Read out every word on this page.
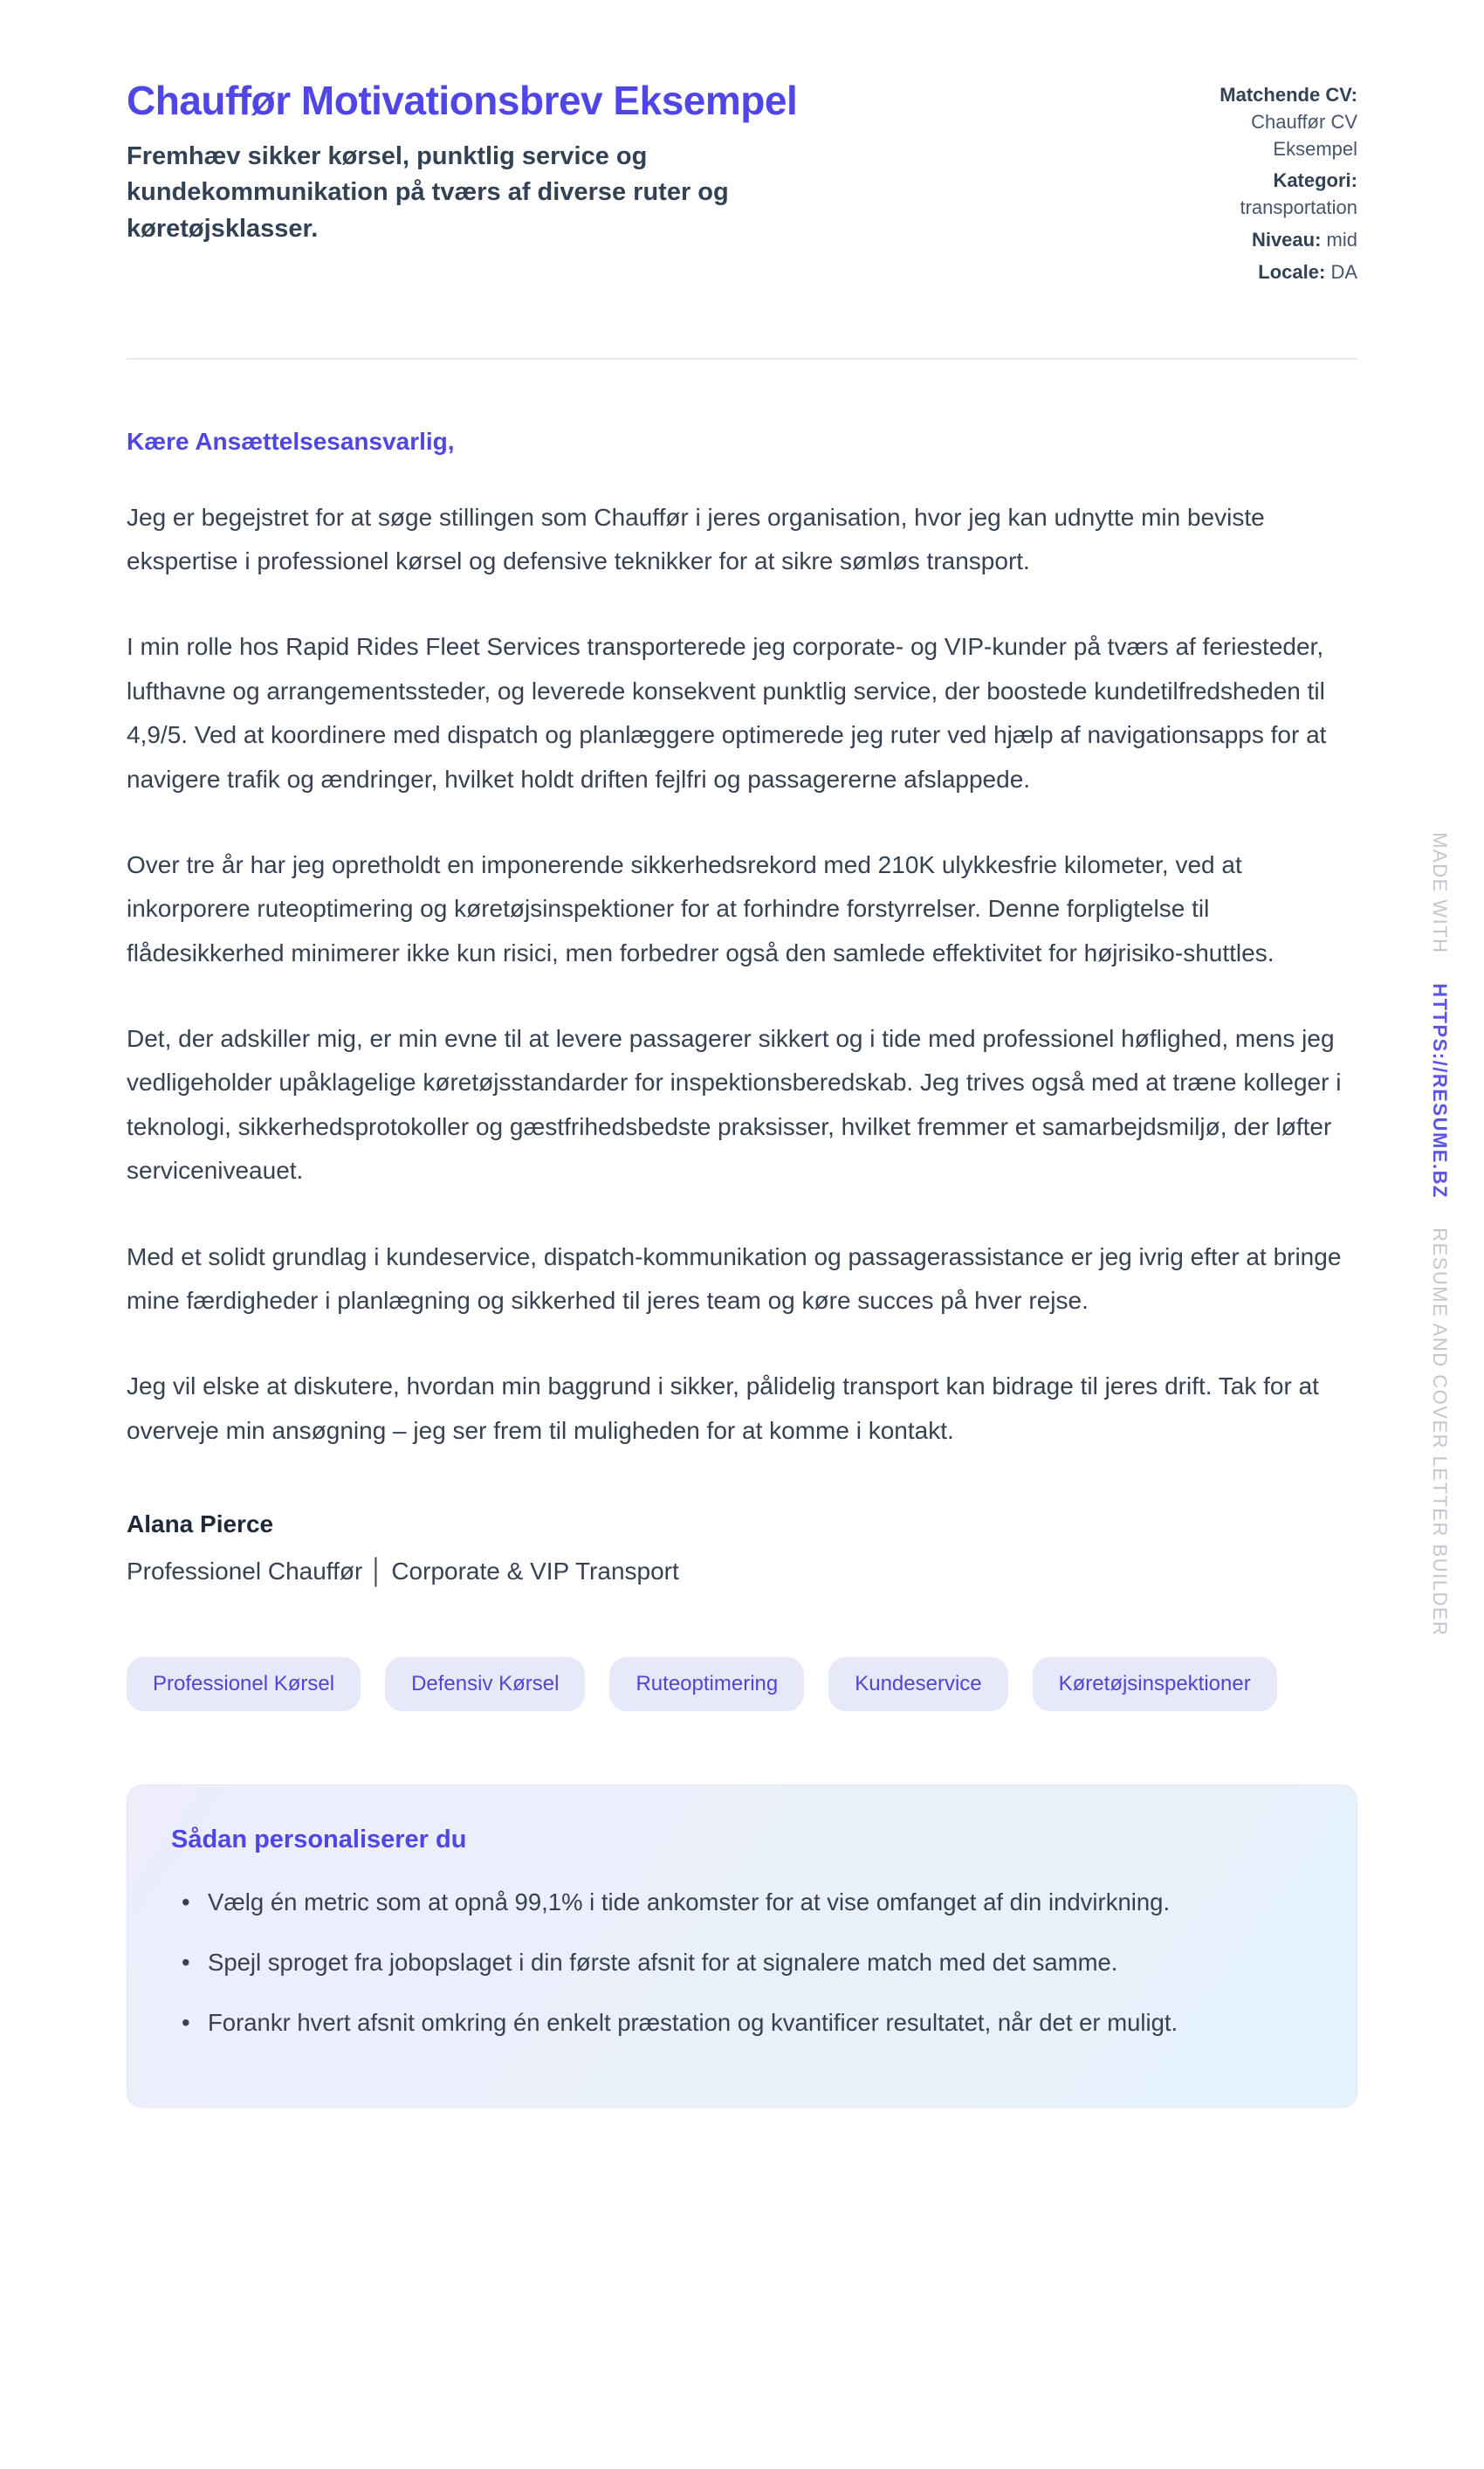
Chauffør Motivationsbrev Eksempel
Fremhæv sikker kørsel, punktlig service og kundekommunikation på tværs af diverse ruter og køretøjsklasser.
Matchende CV: Chauffør CV Eksempel
Kategori: transportation
Niveau: mid
Locale: DA

Kære Ansættelsesansvarlig,

Jeg er begejstret for at søge stillingen som Chauffør i jeres organisation, hvor jeg kan udnytte min beviste ekspertise i professionel kørsel og defensive teknikker for at sikre sømløs transport.

I min rolle hos Rapid Rides Fleet Services transporterede jeg corporate- og VIP-kunder på tværs af feriesteder, lufthavne og arrangementssteder, og leverede konsekvent punktlig service, der boostede kundetilfredsheden til 4,9/5. Ved at koordinere med dispatch og planlæggere optimerede jeg ruter ved hjælp af navigationsapps for at navigere trafik og ændringer, hvilket holdt driften fejlfri og passagererne afslappede.

Over tre år har jeg opretholdt en imponerende sikkerhedsrekord med 210K ulykkesfrie kilometer, ved at inkorporere ruteoptimering og køretøjsinspektioner for at forhindre forstyrrelser. Denne forpligtelse til flådesikkerhed minimerer ikke kun risici, men forbedrer også den samlede effektivitet for højrisiko-shuttles.

Det, der adskiller mig, er min evne til at levere passagerer sikkert og i tide med professionel høflighed, mens jeg vedligeholder upåklagelige køretøjsstandarder for inspektionsberedskab. Jeg trives også med at træne kolleger i teknologi, sikkerhedsprotokoller og gæstfrihedsbedste praksisser, hvilket fremmer et samarbejdsmiljø, der løfter serviceniveauet.

Med et solidt grundlag i kundeservice, dispatch-kommunikation og passagerassistance er jeg ivrig efter at bringe mine færdigheder i planlægning og sikkerhed til jeres team og køre succes på hver rejse.

Jeg vil elske at diskutere, hvordan min baggrund i sikker, pålidelig transport kan bidrage til jeres drift. Tak for at overveje min ansøgning – jeg ser frem til muligheden for at komme i kontakt.

Alana Pierce

Professionel Chauffør │ Corporate & VIP Transport

Professionel Kørsel	Defensiv Kørsel	Ruteoptimering	Kundeservice	Køretøjsinspektioner
Sådan personaliserer du
• Vælg én metric som at opnå 99,1% i tide ankomster for at vise omfanget af din indvirkning.
• Spejl sproget fra jobopslaget i din første afsnit for at signalere match med det samme.
• Forankr hvert afsnit omkring én enkelt præstation og kvantificer resultatet, når det er muligt.
MADE WITH HTTPS://RESUME.BZ RESUME AND COVER LETTER BUILDER
